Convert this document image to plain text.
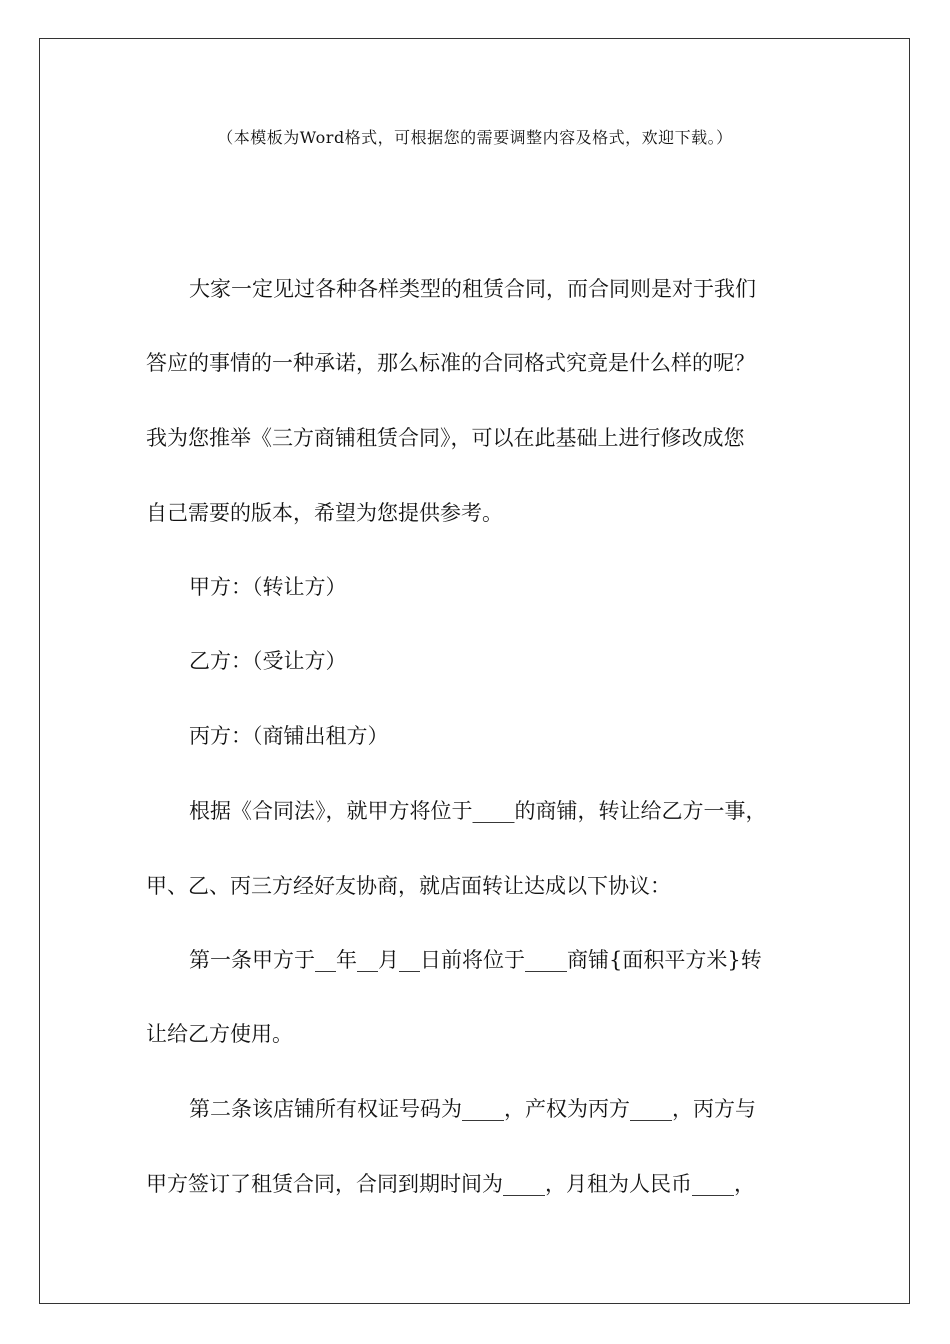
（本模板为Word格式，可根据您的需要调整内容及格式，欢迎下载。）
大家一定见过各种各样类型的租赁合同，而合同则是对于我们
答应的事情的一种承诺，那么标准的合同格式究竟是什么样的呢？
我为您推举《三方商铺租赁合同》，可以在此基础上进行修改成您
自己需要的版本，希望为您提供参考。
甲方：（转让方）
乙方：（受让方）
丙方：（商铺出租方）
根据《合同法》，就甲方将位于____的商铺，转让给乙方一事，
甲、乙、丙三方经好友协商，就店面转让达成以下协议：
第一条甲方于__年__月__日前将位于____商铺{面积平方米}转
让给乙方使用。
第二条该店铺所有权证号码为____，产权为丙方____，丙方与
甲方签订了租赁合同，合同到期时间为____，月租为人民币____，
